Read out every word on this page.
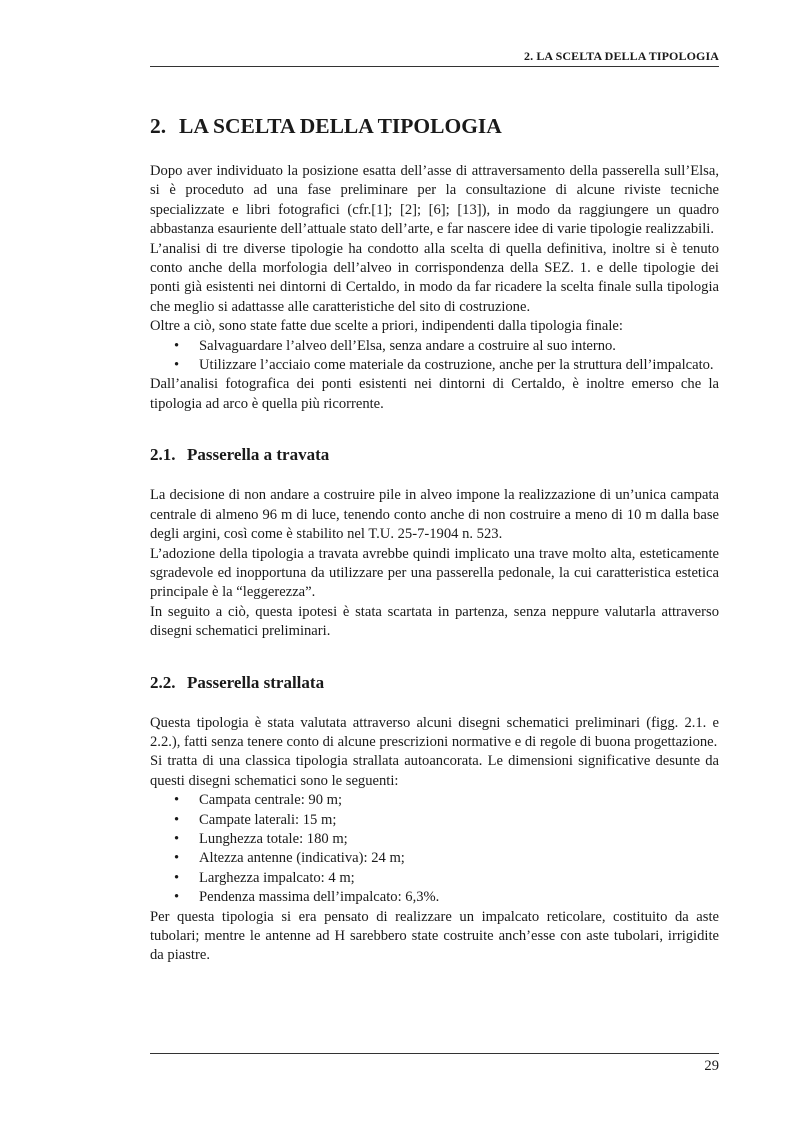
2. LA SCELTA DELLA TIPOLOGIA
2. LA SCELTA DELLA TIPOLOGIA

Dopo aver individuato la posizione esatta dell’asse di attraversamento della passerella sull’Elsa, si è proceduto ad una fase preliminare per la consultazione di alcune riviste tecniche specializzate e libri fotografici (cfr.[1]; [2]; [6]; [13]), in modo da raggiungere un quadro abbastanza esauriente dell’attuale stato dell’arte, e far nascere idee di varie tipologie realizzabili.

L’analisi di tre diverse tipologie ha condotto alla scelta di quella definitiva, inoltre si è tenuto conto anche della morfologia dell’alveo in corrispondenza della SEZ. 1. e delle tipologie dei ponti già esistenti nei dintorni di Certaldo, in modo da far ricadere la scelta finale sulla tipologia che meglio si adattasse alle caratteristiche del sito di costruzione.

Oltre a ciò, sono state fatte due scelte a priori, indipendenti dalla tipologia finale:

• Salvaguardare l’alveo dell’Elsa, senza andare a costruire al suo interno.
• Utilizzare l’acciaio come materiale da costruzione, anche per la struttura dell’impalcato.

Dall’analisi fotografica dei ponti esistenti nei dintorni di Certaldo, è inoltre emerso che la tipologia ad arco è quella più ricorrente.

2.1. Passerella a travata

La decisione di non andare a costruire pile in alveo impone la realizzazione di un’unica campata centrale di almeno 96 m di luce, tenendo conto anche di non costruire a meno di 10 m dalla base degli argini, così come è stabilito nel T.U. 25-7-1904 n. 523.

L’adozione della tipologia a travata avrebbe quindi implicato una trave molto alta, esteticamente sgradevole ed inopportuna da utilizzare per una passerella pedonale, la cui caratteristica estetica principale è la “leggerezza”.

In seguito a ciò, questa ipotesi è stata scartata in partenza, senza neppure valutarla attraverso disegni schematici preliminari.

2.2. Passerella strallata

Questa tipologia è stata valutata attraverso alcuni disegni schematici preliminari (figg. 2.1. e 2.2.), fatti senza tenere conto di alcune prescrizioni normative e di regole di buona progettazione.

Si tratta di una classica tipologia strallata autoancorata. Le dimensioni significative desunte da questi disegni schematici sono le seguenti:

• Campata centrale: 90 m;
• Campate laterali: 15 m;
• Lunghezza totale: 180 m;
• Altezza antenne (indicativa): 24 m;
• Larghezza impalcato: 4 m;
• Pendenza massima dell’impalcato: 6,3%.

Per questa tipologia si era pensato di realizzare un impalcato reticolare, costituito da aste tubolari; mentre le antenne ad H sarebbero state costruite anch’esse con aste tubolari, irrigidite da piastre.

29
